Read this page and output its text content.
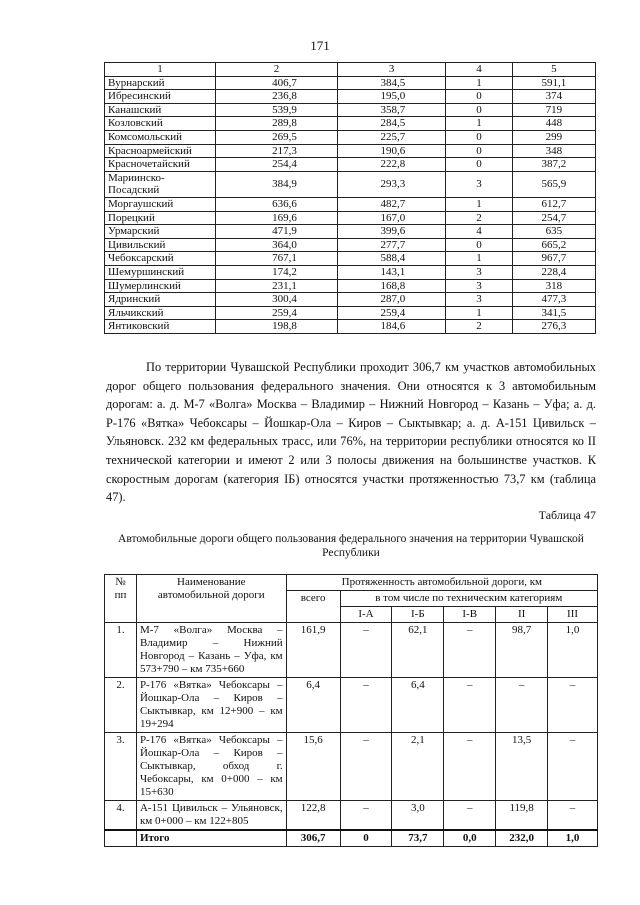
171
1	2	3	4	5
Вурнарский	406,7	384,5	1	591,1
Ибресинский	236,8	195,0	0	374
Канашский	539,9	358,7	0	719
Козловский	289,8	284,5	1	448
Комсомольский	269,5	225,7	0	299
Красноармейский	217,3	190,6	0	348
Красночетайский	254,4	222,8	0	387,2
Мариинско-Посадский	384,9	293,3	3	565,9
Моргаушский	636,6	482,7	1	612,7
Порецкий	169,6	167,0	2	254,7
Урмарский	471,9	399,6	4	635
Цивильский	364,0	277,7	0	665,2
Чебоксарский	767,1	588,4	1	967,7
Шемуршинский	174,2	143,1	3	228,4
Шумерлинский	231,1	168,8	3	318
Ядринский	300,4	287,0	3	477,3
Яльчикский	259,4	259,4	1	341,5
Янтиковский	198,8	184,6	2	276,3

По территории Чувашской Республики проходит 306,7 км участков автомобильных дорог общего пользования федерального значения. Они относятся к 3 автомобильным дорогам: а. д. М-7 «Волга» Москва – Владимир – Нижний Новгород – Казань – Уфа; а. д. Р-176 «Вятка» Чебоксары – Йошкар-Ола – Киров – Сыктывкар; а. д. А-151 Цивильск – Ульяновск. 232 км федеральных трасс, или 76%, на территории республики относятся ко II технической категории и имеют 2 или 3 полосы движения на большинстве участков. К скоростным дорогам (категория IБ) относятся участки протяженностью 73,7 км (таблица 47).

Таблица 47
Автомобильные дороги общего пользования федерального значения на территории Чувашской Республики
№ пп	Наименование автомобильной дороги	Протяженность автомобильной дороги, км					
		всего	в том числе по техническим категориям				
			I-А	I-Б	I-В	II	III
1.	М-7 «Волга» Москва – Владимир – Нижний Новгород – Казань – Уфа, км 573+790 – км 735+660	161,9	–	62,1	–	98,7	1,0
2.	Р-176 «Вятка» Чебоксары – Йошкар-Ола – Киров – Сыктывкар, км 12+900 – км 19+294	6,4	–	6,4	–	–	–
3.	Р-176 «Вятка» Чебоксары – Йошкар-Ола – Киров – Сыктывкар, обход г. Чебоксары, км 0+000 – км 15+630	15,6	–	2,1	–	13,5	–
4.	А-151 Цивильск – Ульяновск, км 0+000 – км 122+805	122,8	–	3,0	–	119,8	–
	Итого	306,7	0	73,7	0,0	232,0	1,0
